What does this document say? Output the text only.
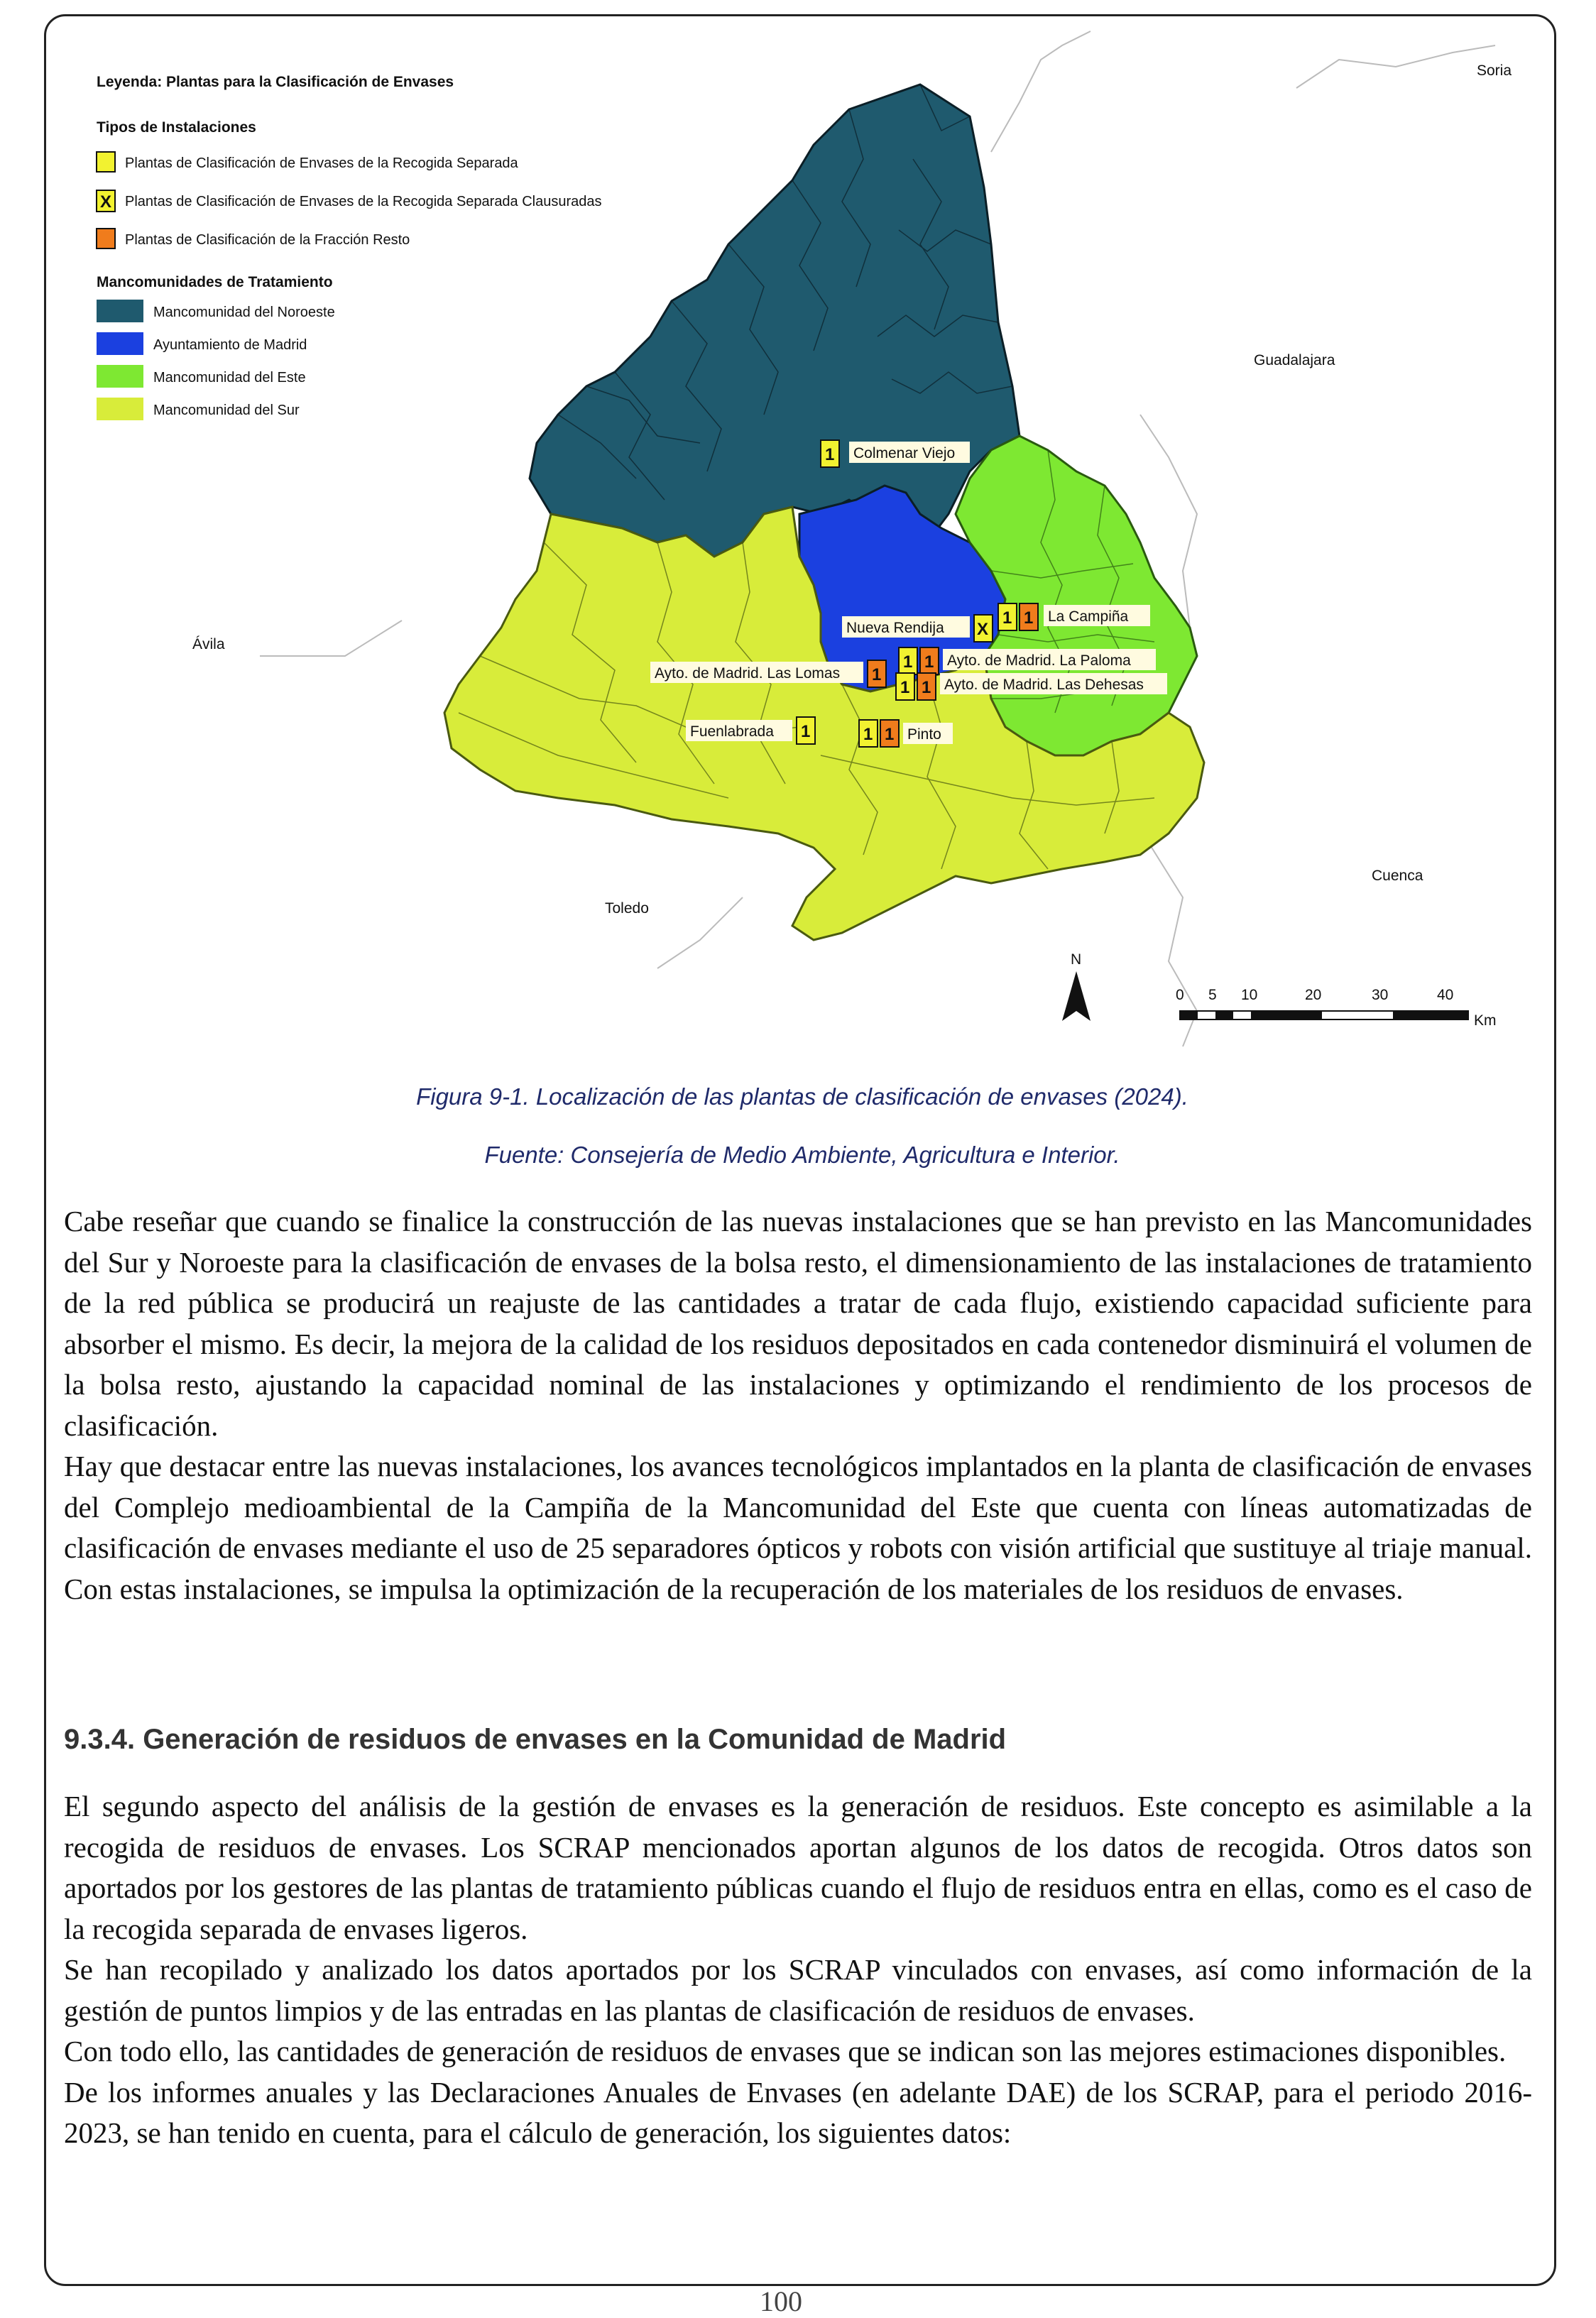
Leyenda: Plantas para la Clasificación de Envases
Tipos de Instalaciones
Plantas de Clasificación de Envases de la Recogida Separada
X Plantas de Clasificación de Envases de la Recogida Separada Clausuradas
Plantas de Clasificación de la Fracción Resto
Mancomunidades de Tratamiento
Mancomunidad del Noroeste
Ayuntamiento de Madrid
Mancomunidad del Este
Mancomunidad del Sur
Soria
Guadalajara
Ávila
Cuenca
Toledo
1 Colmenar Viejo
1 1 La Campiña
Nueva Rendija X
1 1 Ayto. de Madrid. La Paloma
Ayto. de Madrid. Las Lomas 1
1 1 Ayto. de Madrid. Las Dehesas
Fuenlabrada 1	1 1 Pinto
N
0 5 10	20	30	40
Km
Figura 9-1. Localización de las plantas de clasificación de envases (2024).
Fuente: Consejería de Medio Ambiente, Agricultura e Interior.

Cabe reseñar que cuando se finalice la construcción de las nuevas instalaciones que se han previsto en las Mancomunidades del Sur y Noroeste para la clasificación de envases de la bolsa resto, el dimensionamiento de las instalaciones de tratamiento de la red pública se producirá un reajuste de las cantidades a tratar de cada flujo, existiendo capacidad suficiente para absorber el mismo. Es decir, la mejora de la calidad de los residuos depositados en cada contenedor disminuirá el volumen de la bolsa resto, ajustando la capacidad nominal de las instalaciones y optimizando el rendimiento de los procesos de clasificación.

Hay que destacar entre las nuevas instalaciones, los avances tecnológicos implantados en la planta de clasificación de envases del Complejo medioambiental de la Campiña de la Mancomunidad del Este que cuenta con líneas automatizadas de clasificación de envases mediante el uso de 25 separadores ópticos y robots con visión artificial que sustituye al triaje manual. Con estas instalaciones, se impulsa la optimización de la recuperación de los materiales de los residuos de envases.

9.3.4. Generación de residuos de envases en la Comunidad de Madrid

El segundo aspecto del análisis de la gestión de envases es la generación de residuos. Este concepto es asimilable a la recogida de residuos de envases. Los SCRAP mencionados aportan algunos de los datos de recogida. Otros datos son aportados por los gestores de las plantas de tratamiento públicas cuando el flujo de residuos entra en ellas, como es el caso de la recogida separada de envases ligeros.

Se han recopilado y analizado los datos aportados por los SCRAP vinculados con envases, así como información de la gestión de puntos limpios y de las entradas en las plantas de clasificación de residuos de envases.

Con todo ello, las cantidades de generación de residuos de envases que se indican son las mejores estimaciones disponibles.

De los informes anuales y las Declaraciones Anuales de Envases (en adelante DAE) de los SCRAP, para el periodo 2016-2023, se han tenido en cuenta, para el cálculo de generación, los siguientes datos:

100
